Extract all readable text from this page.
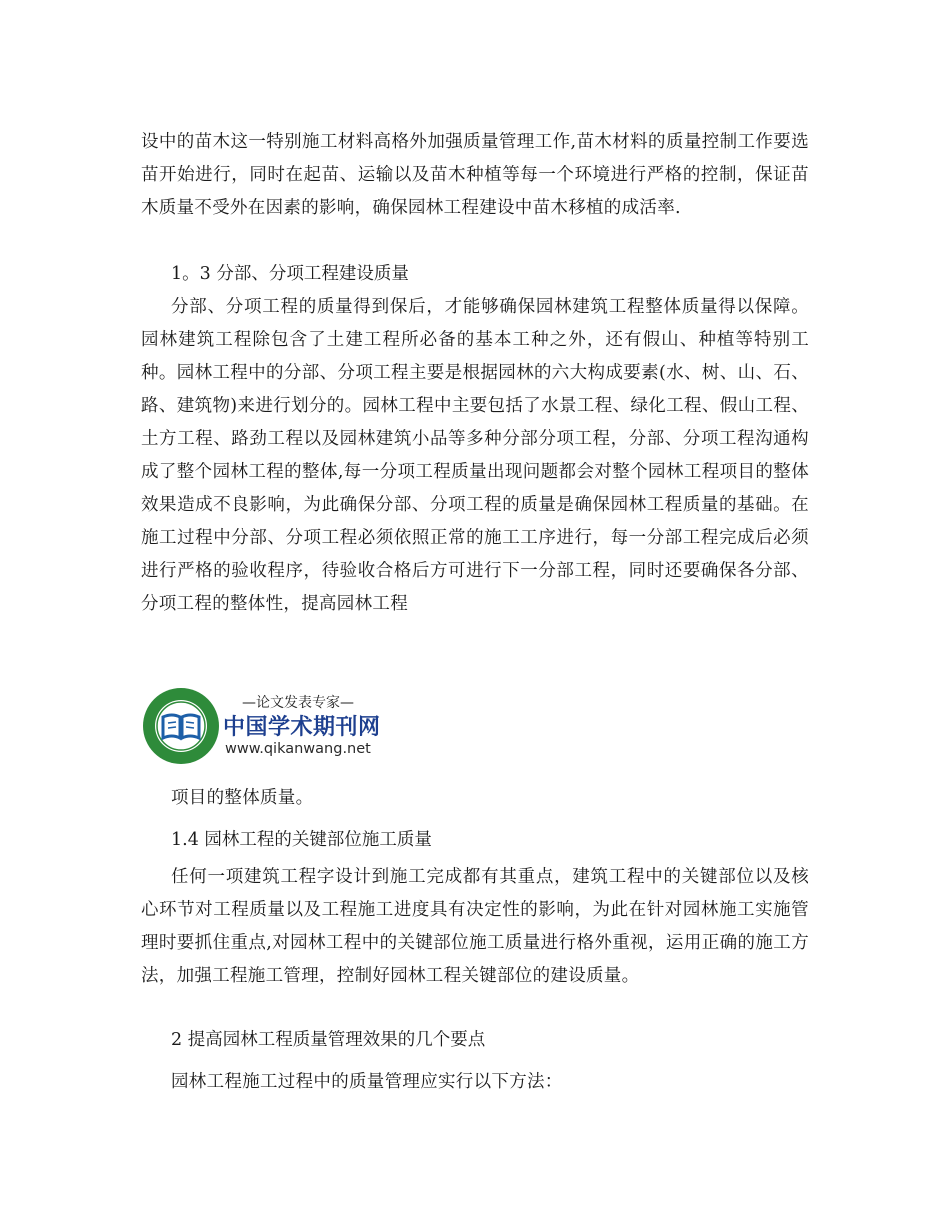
设中的苗木这一特别施工材料高格外加强质量管理工作,苗木材料的质量控制工作要选苗开始进行，同时在起苗、运输以及苗木种植等每一个环境进行严格的控制，保证苗木质量不受外在因素的影响，确保园林工程建设中苗木移植的成活率.

1。3 分部、分项工程建设质量

分部、分项工程的质量得到保后，才能够确保园林建筑工程整体质量得以保障。园林建筑工程除包含了土建工程所必备的基本工种之外，还有假山、种植等特别工种。园林工程中的分部、分项工程主要是根据园林的六大构成要素(水、树、山、石、路、建筑物)来进行划分的。园林工程中主要包括了水景工程、绿化工程、假山工程、土方工程、路劲工程以及园林建筑小品等多种分部分项工程，分部、分项工程沟通构成了整个园林工程的整体,每一分项工程质量出现问题都会对整个园林工程项目的整体效果造成不良影响，为此确保分部、分项工程的质量是确保园林工程质量的基础。在施工过程中分部、分项工程必须依照正常的施工工序进行，每一分部工程完成后必须进行严格的验收程序，待验收合格后方可进行下一分部工程，同时还要确保各分部、分项工程的整体性，提高园林工程

—论文发表专家—
中国学术期刊网
www.qikanwang.net

项目的整体质量。

1.4 园林工程的关键部位施工质量

任何一项建筑工程字设计到施工完成都有其重点，建筑工程中的关键部位以及核心环节对工程质量以及工程施工进度具有决定性的影响，为此在针对园林施工实施管理时要抓住重点,对园林工程中的关键部位施工质量进行格外重视，运用正确的施工方法，加强工程施工管理，控制好园林工程关键部位的建设质量。

2 提高园林工程质量管理效果的几个要点

园林工程施工过程中的质量管理应实行以下方法：
